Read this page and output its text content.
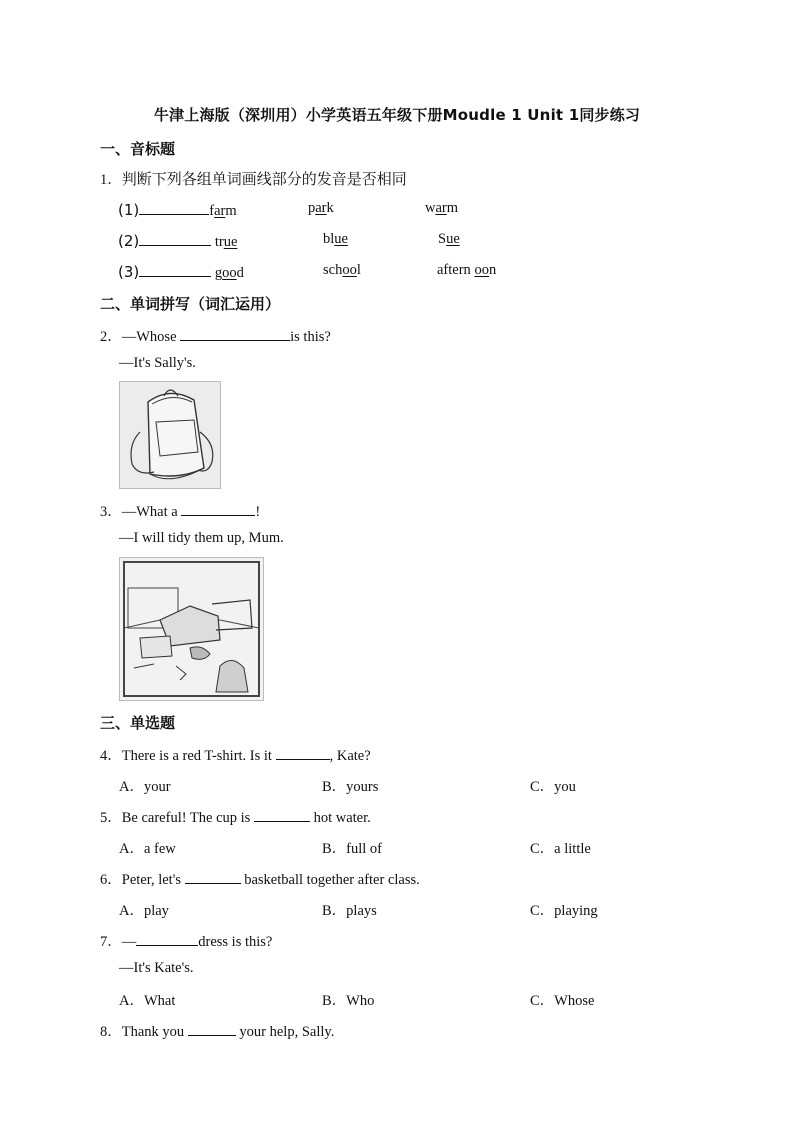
牛津上海版（深圳用）小学英语五年级下册Moudle 1 Unit 1同步练习
一、音标题
1．判断下列各组单词画线部分的发音是否相同
(1)	farm	park	warm
(2)	true	blue	Sue
(3)	good	school	aftern oon
二、单词拼写（词汇运用）
2．—Whose	is this?
—It's Sally's.
3．—What a	!
—I will tidy them up, Mum.
三、单选题
4．There is a red T-shirt. Is it	, Kate?
A．your	B．yours	C．you
5．Be careful! The cup is	hot water.
A．a few	B．full of	C．a little
6．Peter, let's	basketball together after class.
A．play	B．plays	C．playing
7．—	dress is this?
—It's Kate's.
A．What	B．Who	C．Whose
8．Thank you	your help, Sally.
